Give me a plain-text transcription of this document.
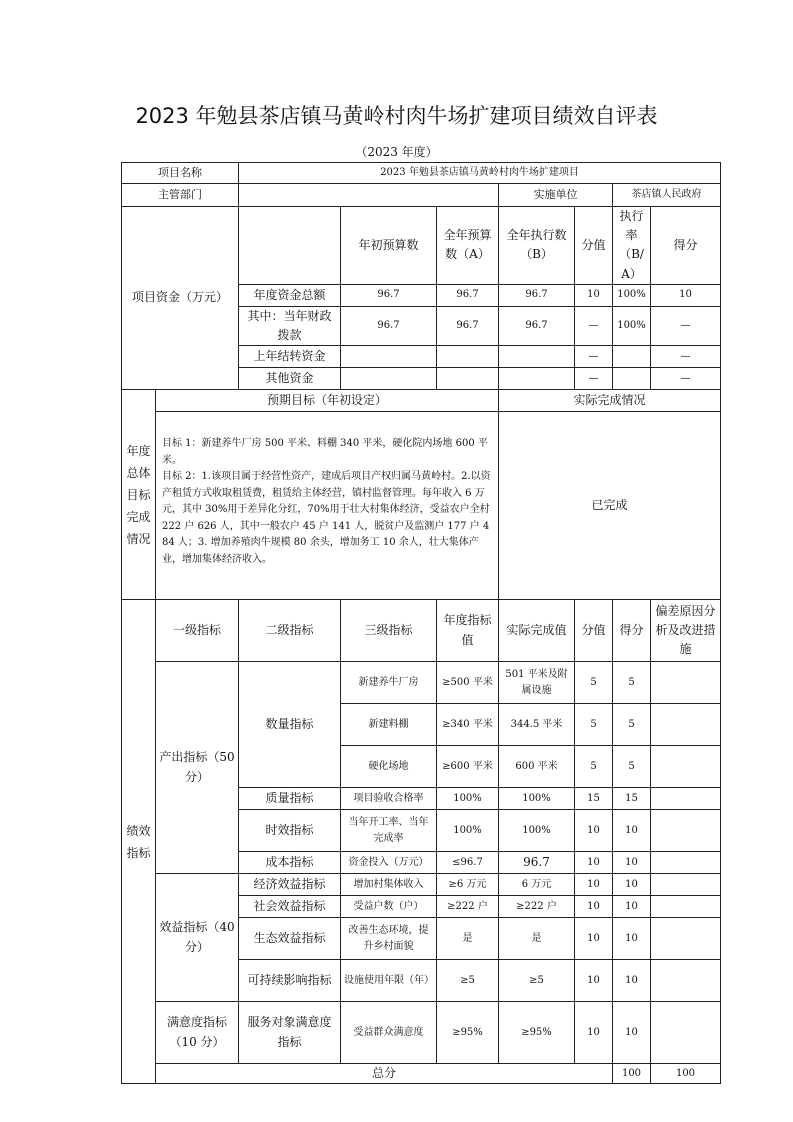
2023 年勉县茶店镇马黄岭村肉牛场扩建项目绩效自评表
（2023 年度）
项目名称		2023 年勉县茶店镇马黄岭村肉牛场扩建项目							
主管部门					实施单位		茶店镇人民政府		
项目资金（万元）			年初预算数	全年预算数（A）	全年执行数（B）	分值	执行率（B/A）	得分	
		年度资金总额	96.7	96.7	96.7	10	100%	10	
		其中：当年财政拨款	96.7	96.7	96.7	—	100%	—	
		上年结转资金				—		—	
		其他资金				—		—	
年度总体目标完成情况	预期目标（年初设定）				实际完成情况				

	目标 1：新建养牛厂房 500 平米、料棚 340 平米，硬化院内场地 600 平米。
目标 2：1.该项目属于经营性资产，建成后项目产权归属马黄岭村。2.以资产租赁方式收取租赁费，租赁给主体经营，镇村监督管理。每年收入 6 万元，其中 30%用于差异化分红，70%用于壮大村集体经济，受益农户全村 222 户 626 人，其中一般农户 45 户 141 人，脱贫户及监测户 177 户 484 人；3. 增加养殖肉牛规模 80 余头，增加务工 10 余人，壮大集体产业，增加集体经济收入。				已完成				
绩效指标	一级指标	二级指标	三级指标	年度指标值	实际完成值	分值	得分	偏差原因分析及改进措施	
	产出指标（50 分）	数量指标	新建养牛厂房	≥500 平米	501 平米及附属设施	5	5		
			新建料棚	≥340 平米	344.5 平米	5	5		
			硬化场地	≥600 平米	600 平米	5	5		
		质量指标	项目验收合格率	100%	100%	15	15		
		时效指标	当年开工率、当年完成率	100%	100%	10	10		
		成本指标	资金投入（万元）	≤96.7	96.7	10	10		
	效益指标（40 分）	经济效益指标	增加村集体收入	≥6 万元	6 万元	10	10		
		社会效益指标	受益户数（户）	≥222 户	≥222 户	10	10		
		生态效益指标	改善生态环境，提升乡村面貌	是	是	10	10		
		可持续影响指标	设施使用年限（年）	≥5	≥5	10	10		
	满意度指标（10 分）	服务对象满意度指标	受益群众满意度	≥95%	≥95%	10	10		
	总分						100	100	
